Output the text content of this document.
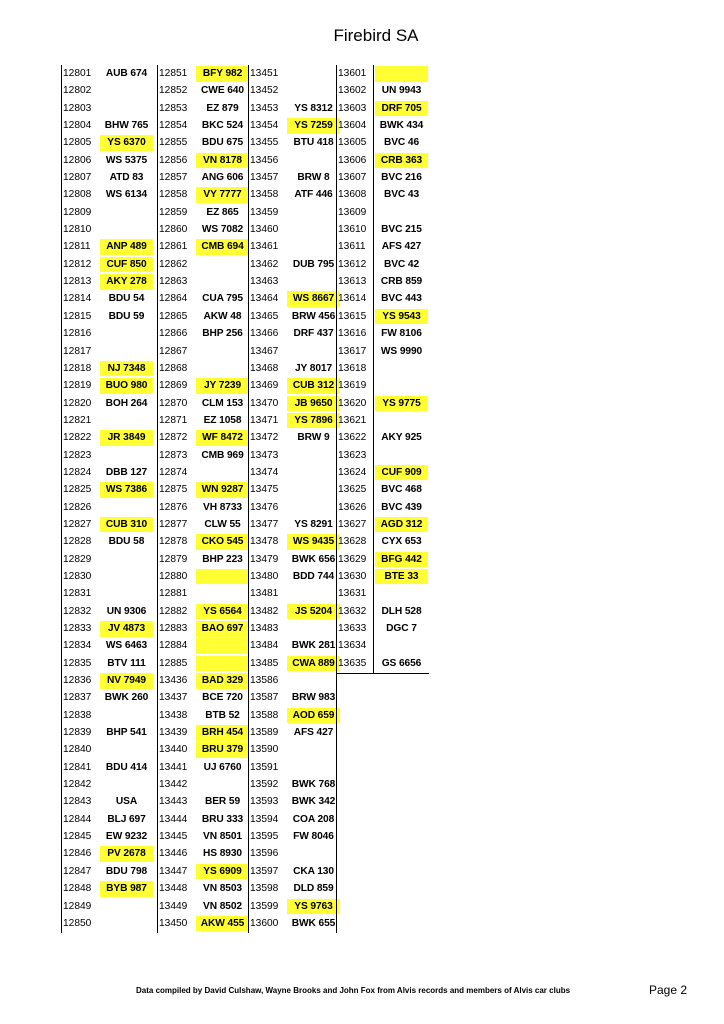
Firebird SA
12801	AUB 674
12802
12803
12804	BHW 765
12805	YS 6370
12806	WS 5375
12807	ATD 83
12808	WS 6134
12809
12810
12811	ANP 489
12812	CUF 850
12813	AKY 278
12814	BDU 54
12815	BDU 59
12816
12817
12818	NJ 7348
12819	BUO 980
12820	BOH 264
12821
12822	JR 3849
12823
12824	DBB 127
12825	WS 7386
12826
12827	CUB 310
12828	BDU 58
12829
12830
12831
12832	UN 9306
12833	JV 4873
12834	WS 6463
12835	BTV 111
12836	NV 7949
12837	BWK 260
12838
12839	BHP 541
12840
12841	BDU 414
12842
12843	USA
12844	BLJ 697
12845	EW 9232
12846	PV 2678
12847	BDU 798
12848	BYB 987
12849
12850
12851	BFY 982
12852	CWE 640
12853	EZ 879
12854	BKC 524
12855	BDU 675
12856	VN 8178
12857	ANG 606
12858	VY 7777
12859	EZ 865
12860	WS 7082
12861	CMB 694
12862
12863
12864	CUA 795
12865	AKW 48
12866	BHP 256
12867
12868
12869	JY 7239
12870	CLM 153
12871	EZ 1058
12872	WF 8472
12873	CMB 969
12874
12875	WN 9287
12876	VH 8733
12877	CLW 55
12878	CKO 545
12879	BHP 223
12880
12881
12882	YS 6564
12883	BAO 697
12884
12885
13436	BAD 329
13437	BCE 720
13438	BTB 52
13439	BRH 454
13440	BRU 379
13441	UJ 6760
13442
13443	BER 59
13444	BRU 333
13445	VN 8501
13446	HS 8930
13447	YS 6909
13448	VN 8503
13449	VN 8502
13450	AKW 455
13451
13452
13453	YS 8312
13454	YS 7259
13455	BTU 418
13456
13457	BRW 8
13458	ATF 446
13459
13460
13461
13462	DUB 795
13463
13464	WS 8667
13465	BRW 456
13466	DRF 437
13467
13468	JY 8017
13469	CUB 312
13470	JB 9650
13471	YS 7896
13472	BRW 9
13473
13474
13475
13476
13477	YS 8291
13478	WS 9435
13479	BWK 656
13480	BDD 744
13481
13482	JS 5204
13483
13484	BWK 281
13485	CWA 889
13586
13587	BRW 983
13588	AOD 659
13589	AFS 427
13590
13591
13592	BWK 768
13593	BWK 342
13594	COA 208
13595	FW 8046
13596
13597	CKA 130
13598	DLD 859
13599	YS 9763
13600	BWK 655
13601
13602	UN 9943
13603	DRF 705
13604	BWK 434
13605	BVC 46
13606	CRB 363
13607	BVC 216
13608	BVC 43
13609
13610	BVC 215
13611	AFS 427
13612	BVC 42
13613	CRB 859
13614	BVC 443
13615	YS 9543
13616	FW 8106
13617	WS 9990
13618
13619
13620	YS 9775
13621
13622	AKY 925
13623
13624	CUF 909
13625	BVC 468
13626	BVC 439
13627	AGD 312
13628	CYX 653
13629	BFG 442
13630	BTE 33
13631
13632	DLH 528
13633	DGC 7
13634
13635	GS 6656
Data compiled by David Culshaw, Wayne Brooks and John Fox from Alvis records and members of Alvis car clubs	Page 2
